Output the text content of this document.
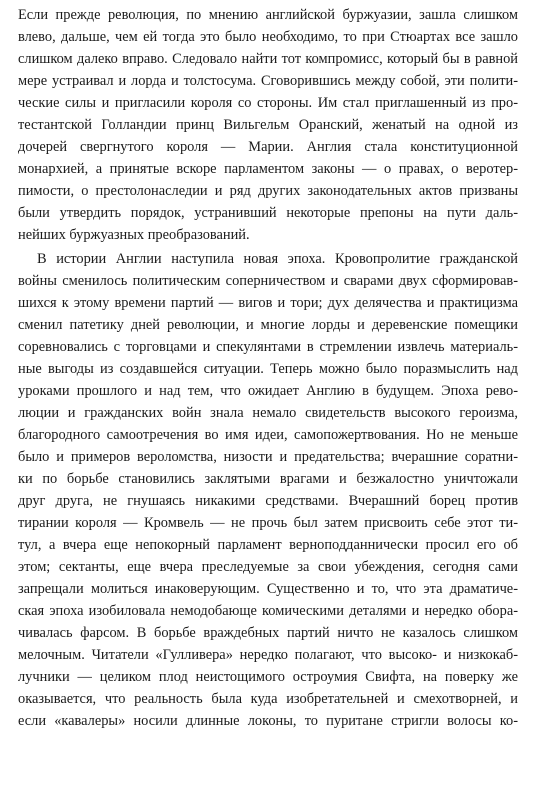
Если прежде революция, по мнению английской буржуазии, зашла слишком
влево, дальше, чем ей тогда это было необходимо, то при Стюартах все зашло
слишком далеко вправо. Следовало найти тот компромисс, который бы в равной
мере устраивал и лорда и толстосума. Сговорившись между собой, эти полити-
ческие силы и пригласили короля со стороны. Им стал приглашенный из про-
тестантской Голландии принц Вильгельм Оранский, женатый на одной из
дочерей свергнутого короля — Марии. Англия стала конституционной
монархией, а принятые вскоре парламентом законы — о правах, о веротер-
пимости, о престолонаследии и ряд других законодательных актов призваны
были утвердить порядок, устранивший некоторые препоны на пути даль-
нейших буржуазных преобразований.
В истории Англии наступила новая эпоха. Кровопролитие гражданской
войны сменилось политическим соперничеством и сварами двух сформировав-
шихся к этому времени партий — вигов и тори; дух делячества и практицизма
сменил патетику дней революции, и многие лорды и деревенские помещики
соревновались с торговцами и спекулянтами в стремлении извлечь материаль-
ные выгоды из создавшейся ситуации. Теперь можно было поразмыслить над
уроками прошлого и над тем, что ожидает Англию в будущем. Эпоха рево-
люции и гражданских войн знала немало свидетельств высокого героизма,
благородного самоотречения во имя идеи, самопожертвования. Но не меньше
было и примеров вероломства, низости и предательства; вчерашние соратни-
ки по борьбе становились заклятыми врагами и безжалостно уничтожали
друг друга, не гнушаясь никакими средствами. Вчерашний борец против
тирании короля — Кромвель — не прочь был затем присвоить себе этот ти-
тул, а вчера еще непокорный парламент верноподданнически просил его об
этом; сектанты, еще вчера преследуемые за свои убеждения, сегодня сами
запрещали молиться инаковерующим. Существенно и то, что эта драматиче-
ская эпоха изобиловала немодобающе комическими деталями и нередко обора-
чивалась фарсом. В борьбе враждебных партий ничто не казалось слишком
мелочным. Читатели «Гулливера» нередко полагают, что высоко- и низкокаб-
лучники — целиком плод неистощимого остроумия Свифта, на поверку же
оказывается, что реальность была куда изобретательней и смехотворней, и
если «кавалеры» носили длинные локоны, то пуритане стригли волосы ко-
